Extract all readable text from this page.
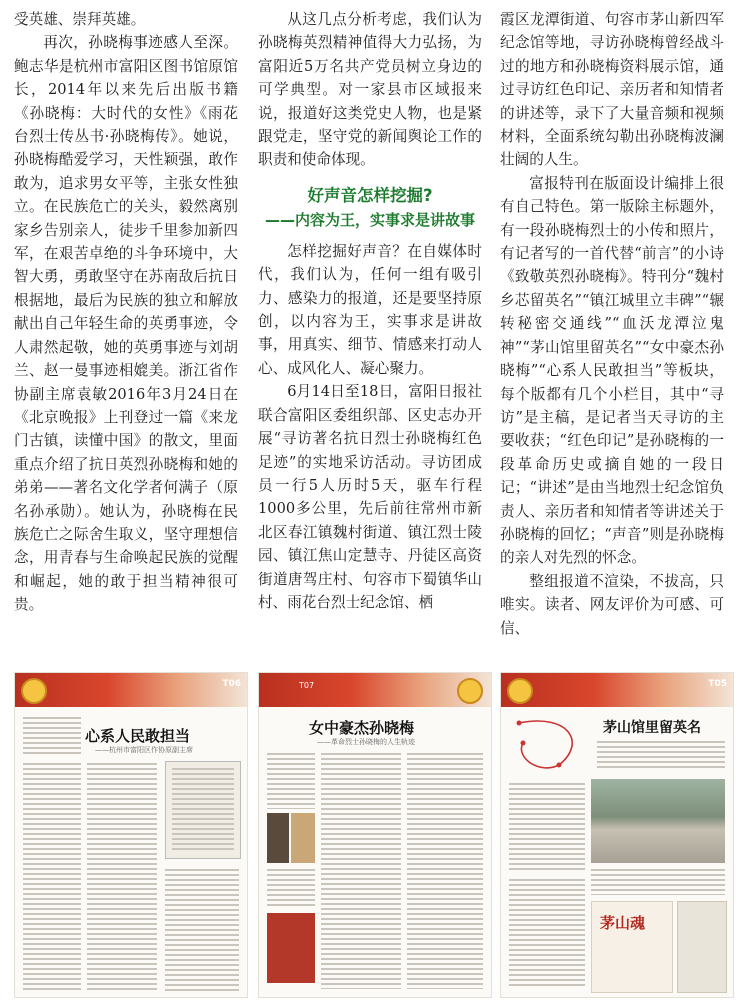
受英雄、崇拜英雄。

再次，孙晓梅事迹感人至深。鲍志华是杭州市富阳区图书馆原馆长，2014年以来先后出版书籍《孙晓梅：大时代的女性》《雨花台烈士传丛书·孙晓梅传》。她说，孙晓梅酷爱学习，天性颖强，敢作敢为，追求男女平等，主张女性独立。在民族危亡的关头，毅然离别家乡告别亲人，徒步千里参加新四军，在艰苦卓绝的斗争环境中，大智大勇，勇敢坚守在苏南敌后抗日根据地，最后为民族的独立和解放献出自己年轻生命的英勇事迹，令人肃然起敬，她的英勇事迹与刘胡兰、赵一曼事迹相媲美。浙江省作协副主席袁敏2016年3月24日在《北京晚报》上刊登过一篇《来龙门古镇，读懂中国》的散文，里面重点介绍了抗日英烈孙晓梅和她的弟弟——著名文化学者何满子（原名孙承勋）。她认为，孙晓梅在民族危亡之际舍生取义，坚守理想信念，用青春与生命唤起民族的觉醒和崛起，她的敢于担当精神很可贵。

从这几点分析考虑，我们认为孙晓梅英烈精神值得大力弘扬，为富阳近5万名共产党员树立身边的可学典型。对一家县市区域报来说，报道好这类党史人物，也是紧跟党走，坚守党的新闻舆论工作的职责和使命体现。

好声音怎样挖掘?
——内容为王，实事求是讲故事

怎样挖掘好声音？在自媒体时代，我们认为，任何一组有吸引力、感染力的报道，还是要坚持原创，以内容为王，实事求是讲故事，用真实、细节、情感来打动人心、成风化人、凝心聚力。

6月14日至18日，富阳日报社联合富阳区委组织部、区史志办开展“寻访著名抗日烈士孙晓梅红色足迹”的实地采访活动。寻访团成员一行5人历时5天，驱车行程1000多公里，先后前往常州市新北区春江镇魏村街道、镇江烈士陵园、镇江焦山定慧寺、丹徒区高资街道唐驾庄村、句容市下蜀镇华山村、雨花台烈士纪念馆、栖

霞区龙潭街道、句容市茅山新四军纪念馆等地，寻访孙晓梅曾经战斗过的地方和孙晓梅资料展示馆，通过寻访红色印记、亲历者和知情者的讲述等，录下了大量音频和视频材料，全面系统勾勒出孙晓梅波澜壮阔的人生。

富报特刊在版面设计编排上很有自己特色。第一版除主标题外，有一段孙晓梅烈士的小传和照片，有记者写的一首代替“前言”的小诗《致敬英烈孙晓梅》。特刊分“魏村乡芯留英名”“镇江城里立丰碑”“辗转秘密交通线”“血沃龙潭泣鬼神”“茅山馆里留英名”“女中豪杰孙晓梅”“心系人民敢担当”等板块，每个版都有几个小栏目，其中“寻访”是主稿，是记者当天寻访的主要收获；“红色印记”是孙晓梅的一段革命历史或摘自她的一段日记；“讲述”是由当地烈士纪念馆负责人、亲历者和知情者等讲述关于孙晓梅的回忆；“声音”则是孙晓梅的亲人对先烈的怀念。

整组报道不渲染，不拔高，只唯实。读者、网友评价为可感、可信、

T06
心系人民敢担当
——杭州市富阳区作协原副主席
T07
女中豪杰孙晓梅
——革命烈士孙晓梅的人生轨迹
T05
茅山馆里留英名
茅山魂
